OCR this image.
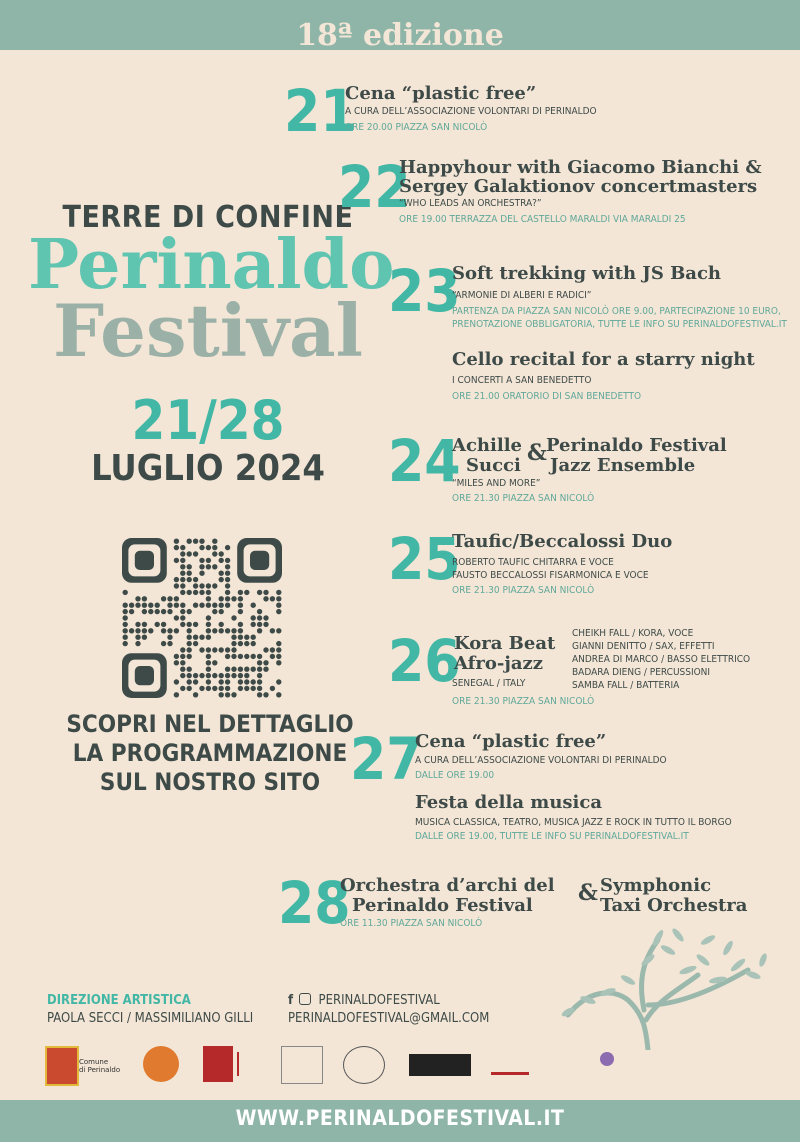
18ª edizione
TERRE DI CONFINE
Perinaldo
Festival
21/28
LUGLIO 2024
SCOPRI NEL DETTAGLIO
LA PROGRAMMAZIONE
SUL NOSTRO SITO
21
Cena “plastic free”
A CURA DELL’ASSOCIAZIONE VOLONTARI DI PERINALDO
ORE 20.00 PIAZZA SAN NICOLÒ
22
Happyhour with Giacomo Bianchi &
Sergey Galaktionov concertmasters
“WHO LEADS AN ORCHESTRA?”
ORE 19.00 TERRAZZA DEL CASTELLO MARALDI VIA MARALDI 25
23
Soft trekking with JS Bach
“ARMONIE DI ALBERI E RADICI”
PARTENZA DA PIAZZA SAN NICOLÒ ORE 9.00, PARTECIPAZIONE 10 EURO,
PRENOTAZIONE OBBLIGATORIA, TUTTE LE INFO SU PERINALDOFESTIVAL.IT
Cello recital for a starry night
I CONCERTI A SAN BENEDETTO
ORE 21.00 ORATORIO DI SAN BENEDETTO
24
Achille
Succi & Perinaldo Festival
Jazz Ensemble
“MILES AND MORE”
ORE 21.30 PIAZZA SAN NICOLÒ
25
Taufic/Beccalossi Duo
ROBERTO TAUFIC CHITARRA E VOCE
FAUSTO BECCALOSSI FISARMONICA E VOCE
ORE 21.30 PIAZZA SAN NICOLÒ
26
Kora Beat
Afro-jazz
SENEGAL / ITALY
CHEIKH FALL / KORA, VOCE
GIANNI DENITTO / SAX, EFFETTI
ANDREA DI MARCO / BASSO ELETTRICO
BADARA DIENG / PERCUSSIONI
SAMBA FALL / BATTERIA
ORE 21.30 PIAZZA SAN NICOLÒ
27
Cena “plastic free”
A CURA DELL’ASSOCIAZIONE VOLONTARI DI PERINALDO
DALLE ORE 19.00
Festa della musica
MUSICA CLASSICA, TEATRO, MUSICA JAZZ E ROCK IN TUTTO IL BORGO
DALLE ORE 19.00, TUTTE LE INFO SU PERINALDOFESTIVAL.IT
28
Orchestra d’archi del
Perinaldo Festival & Symphonic
Taxi Orchestra
ORE 11.30 PIAZZA SAN NICOLÒ
DIREZIONE ARTISTICA
PAOLA SECCI / MASSIMILIANO GILLI
f PERINALDOFESTIVAL
PERINALDOFESTIVAL@GMAIL.COM
Comune
di Perinaldo
WWW.PERINALDOFESTIVAL.IT
